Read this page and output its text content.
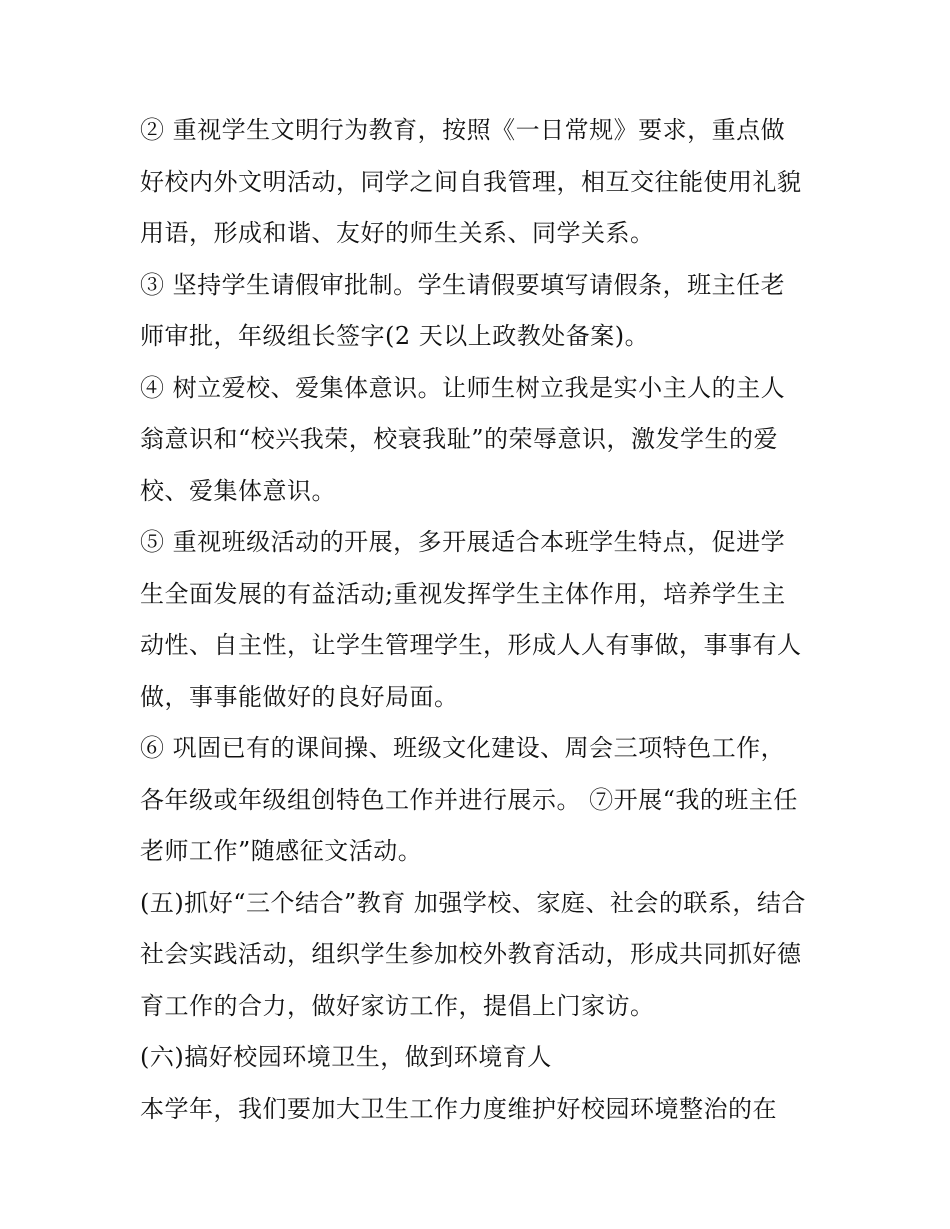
② 重视学生文明行为教育，按照《一日常规》要求，重点做
好校内外文明活动，同学之间自我管理，相互交往能使用礼貌
用语，形成和谐、友好的师生关系、同学关系。
③ 坚持学生请假审批制。学生请假要填写请假条，班主任老
师审批，年级组长签字(2 天以上政教处备案)。
④ 树立爱校、爱集体意识。让师生树立我是实小主人的主人
翁意识和“校兴我荣，校衰我耻”的荣辱意识，激发学生的爱
校、爱集体意识。
⑤ 重视班级活动的开展，多开展适合本班学生特点，促进学
生全面发展的有益活动;重视发挥学生主体作用，培养学生主
动性、自主性，让学生管理学生，形成人人有事做，事事有人
做，事事能做好的良好局面。
⑥ 巩固已有的课间操、班级文化建设、周会三项特色工作，
各年级或年级组创特色工作并进行展示。 ⑦开展“我的班主任
老师工作”随感征文活动。
(五)抓好“三个结合”教育 加强学校、家庭、社会的联系，结合
社会实践活动，组织学生参加校外教育活动，形成共同抓好德
育工作的合力，做好家访工作，提倡上门家访。
(六)搞好校园环境卫生，做到环境育人
本学年，我们要加大卫生工作力度维护好校园环境整治的在
